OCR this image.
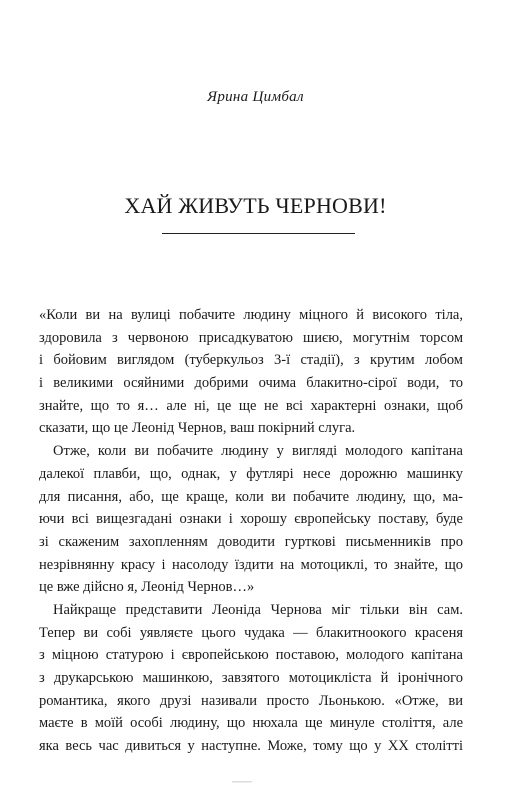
Ярина Цимбал
ХАЙ ЖИВУТЬ ЧЕРНОВИ!
«Коли ви на вулиці побачите людину міцного й високого тіла,
здоровила з червоною присадкуватою шиєю, могутнім торсом
і бойовим виглядом (туберкульоз 3-ї стадії), з крутим лобом
і великими осяйними добрими очима блакитно-сірої води, то
знайте, що то я… але ні, це ще не всі характерні ознаки, щоб
сказати, що це Леонід Чернов, ваш покірний слуга.
Отже, коли ви побачите людину у вигляді молодого капітана
далекої плавби, що, однак, у футлярі несе дорожню машинку
для писання, або, ще краще, коли ви побачите людину, що, ма-
ючи всі вищезгадані ознаки і хорошу європейську поставу, буде
зі скаженим захопленням доводити гуртковi письменників про
незрівнянну красу і насолоду їздити на мотоциклі, то знайте, що
це вже дійсно я, Леонід Чернов…»
Найкраще представити Леоніда Чернова міг тільки він сам.
Тепер ви собі уявляєте цього чудака — блакитноокого красеня
з міцною статурою і європейською поставою, молодого капітана
з друкарською машинкою, завзятого мотоцикліста й іронічного
романтика, якого друзі називали просто Льонькою. «Отже, ви
маєте в моїй особі людину, що нюхала ще минуле століття, але
яка весь час дивиться у наступне. Може, тому що у XX столітті
